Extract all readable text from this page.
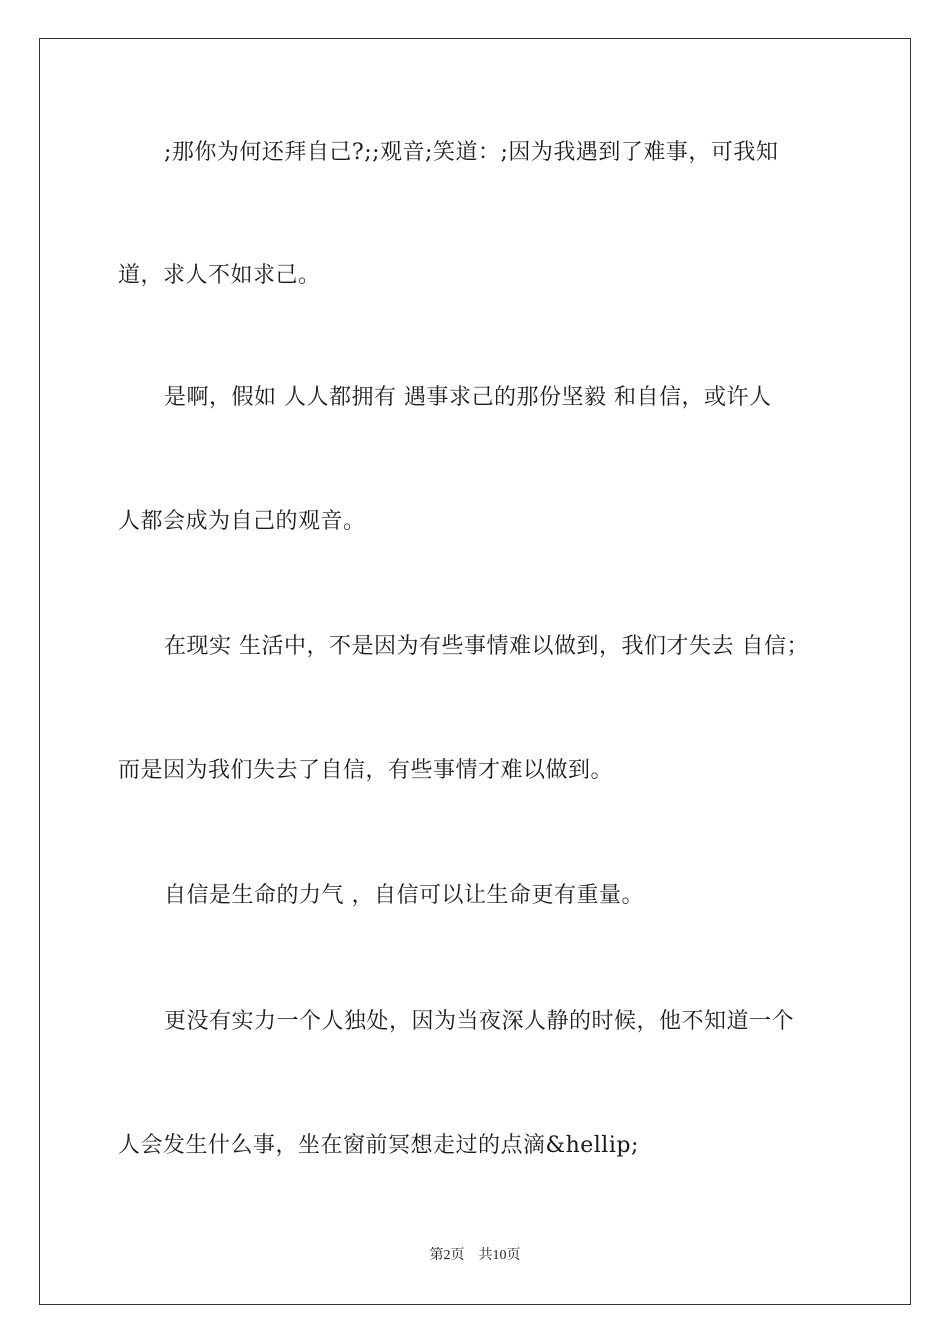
;那你为何还拜自己?;;观音;笑道：;因为我遇到了难事，可我知
道，求人不如求己。
是啊，假如 人人都拥有 遇事求己的那份坚毅 和自信，或许人
人都会成为自己的观音。
在现实 生活中，不是因为有些事情难以做到，我们才失去 自信；
而是因为我们失去了自信，有些事情才难以做到。
自信是生命的力气 ，自信可以让生命更有重量。
更没有实力一个人独处，因为当夜深人静的时候，他不知道一个
人会发生什么事，坐在窗前冥想走过的点滴&hellip;
第2页 共10页
